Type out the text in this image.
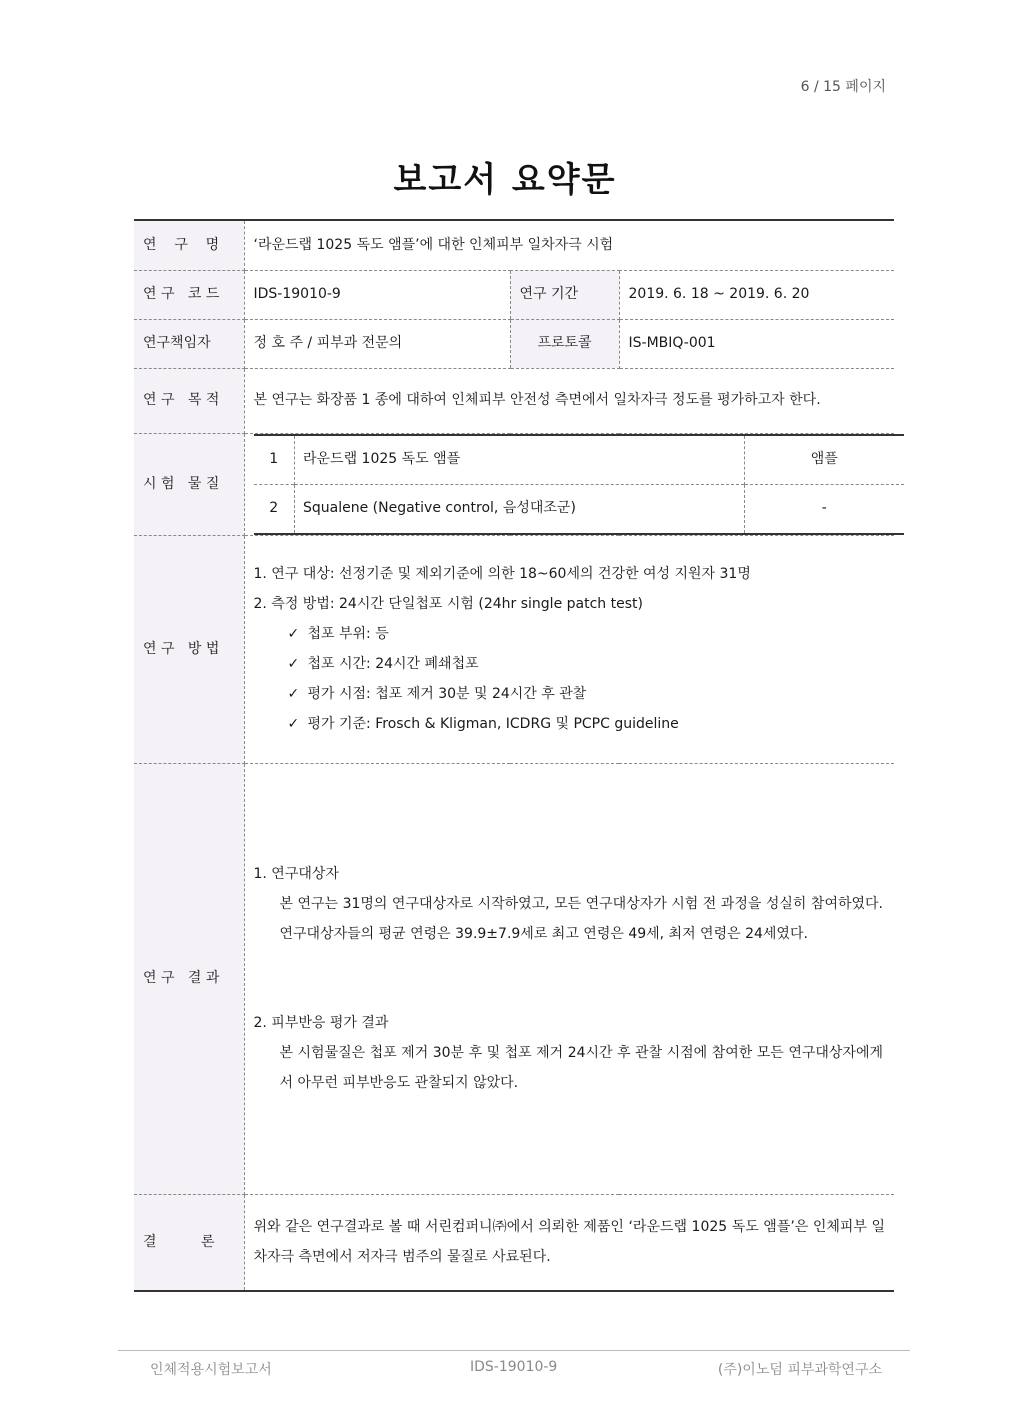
6 / 15 페이지
보고서 요약문
연    구    명	‘라운드랩 1025 독도 앰플’에 대한 인체피부 일차자극 시험
연 구   코 드	IDS-19010-9	연구 기간	2019. 6. 18 ~ 2019. 6. 20
연구책임자	정 호 주 / 피부과 전문의	프로토콜	IS-MBIQ-001
연 구   목 적	본 연구는 화장품 1 종에 대하여 인체피부 안전성 측면에서 일차자극 정도를 평가하고자 한다.
시 험   물 질	
1	라운드랩 1025 독도 앰플	앰플
2	Squalene (Negative control, 음성대조군)	-

연 구   방 법	
1. 연구 대상: 선정기준 및 제외기준에 의한 18~60세의 건강한 여성 지원자 31명
2. 측정 방법: 24시간 단일첩포 시험 (24hr single patch test)
✓ 첩포 부위: 등
✓ 첩포 시간: 24시간 폐쇄첩포
✓ 평가 시점: 첩포 제거 30분 및 24시간 후 관찰
✓ 평가 기준: Frosch & Kligman, ICDRG 및 PCPC guideline

연 구   결 과	
1. 연구대상자
본 연구는 31명의 연구대상자로 시작하였고, 모든 연구대상자가 시험 전 과정을 성실히 참여하였다. 연구대상자들의 평균 연령은 39.9±7.9세로 최고 연령은 49세, 최저 연령은 24세였다.
2. 피부반응 평가 결과
본 시험물질은 첩포 제거 30분 후 및 첩포 제거 24시간 후 관찰 시점에 참여한 모든 연구대상자에게서 아무런 피부반응도 관찰되지 않았다.

결          론	위와 같은 연구결과로 볼 때 서린컴퍼니㈜에서 의뢰한 제품인 ‘라운드랩 1025 독도 앰플’은 인체피부 일차자극 측면에서 저자극 범주의 물질로 사료된다.
인체적용시험보고서	IDS-19010-9	(주)이노덤 피부과학연구소
